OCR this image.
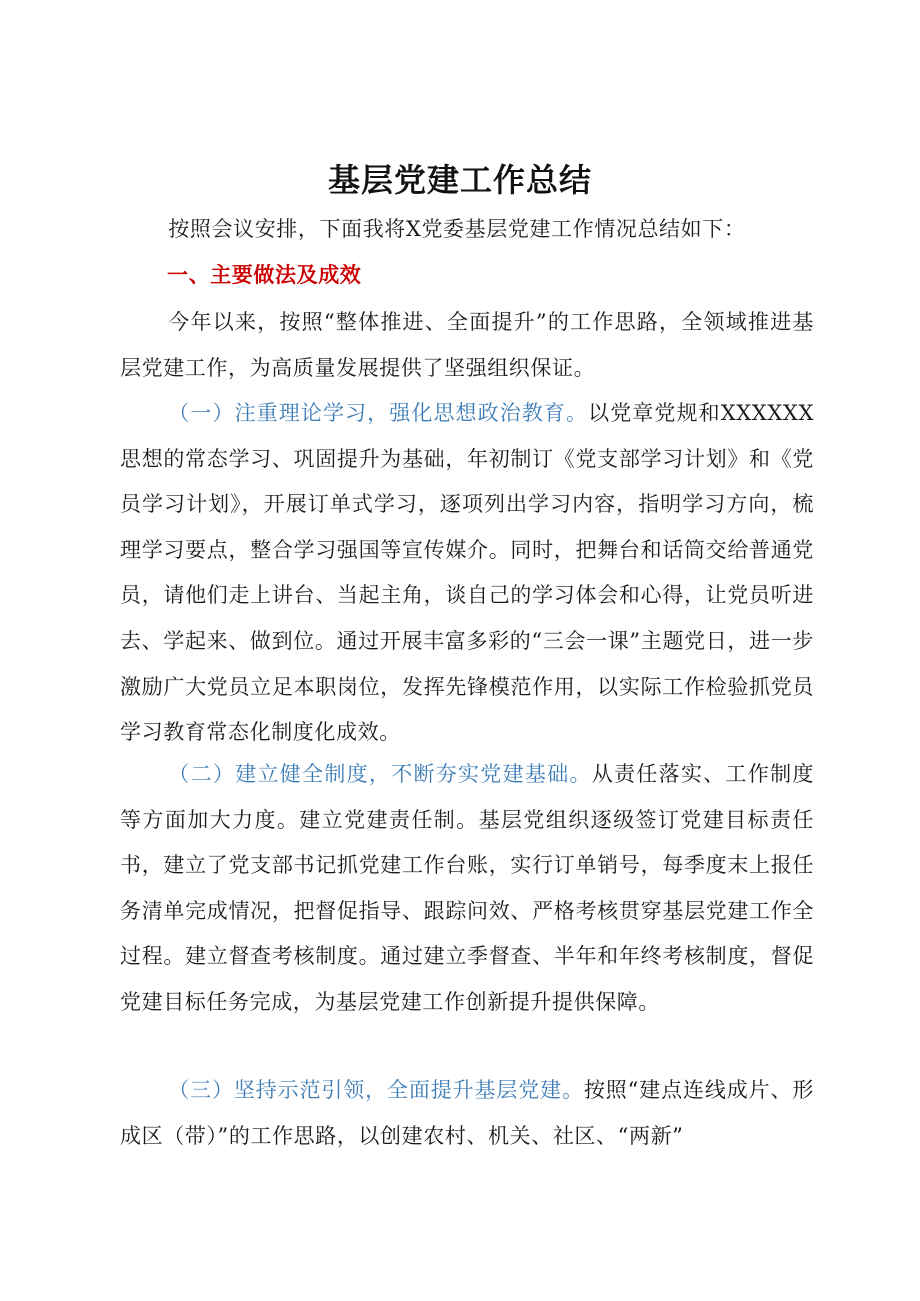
基层党建工作总结
按照会议安排，下面我将X党委基层党建工作情况总结如下：
一、主要做法及成效
今年以来，按照“整体推进、全面提升”的工作思路，全领域推进基层党建工作，为高质量发展提供了坚强组织保证。
（一）注重理论学习，强化思想政治教育。以党章党规和XXXXXX思想的常态学习、巩固提升为基础，年初制订《党支部学习计划》和《党员学习计划》，开展订单式学习，逐项列出学习内容，指明学习方向，梳理学习要点，整合学习强国等宣传媒介。同时，把舞台和话筒交给普通党员，请他们走上讲台、当起主角，谈自己的学习体会和心得，让党员听进去、学起来、做到位。通过开展丰富多彩的“三会一课”主题党日，进一步激励广大党员立足本职岗位，发挥先锋模范作用，以实际工作检验抓党员学习教育常态化制度化成效。
（二）建立健全制度，不断夯实党建基础。从责任落实、工作制度等方面加大力度。建立党建责任制。基层党组织逐级签订党建目标责任书，建立了党支部书记抓党建工作台账，实行订单销号，每季度末上报任务清单完成情况，把督促指导、跟踪问效、严格考核贯穿基层党建工作全过程。建立督查考核制度。通过建立季督查、半年和年终考核制度，督促党建目标任务完成，为基层党建工作创新提升提供保障。
（三）坚持示范引领，全面提升基层党建。按照“建点连线成片、形成区（带）”的工作思路，以创建农村、机关、社区、“两新”
